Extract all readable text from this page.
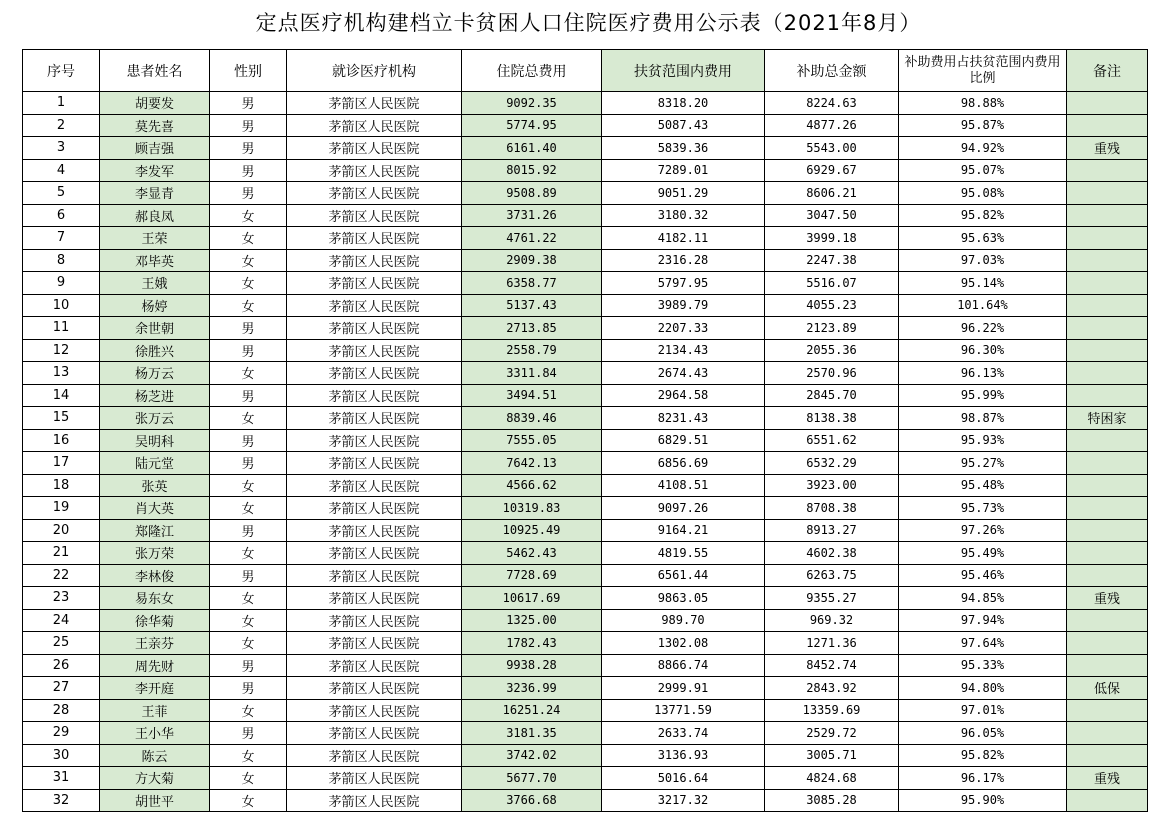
定点医疗机构建档立卡贫困人口住院医疗费用公示表（2021年8月）
序号	患者姓名	性别	就诊医疗机构	住院总费用	扶贫范围内费用	补助总金额	补助费用占扶贫范围内费用比例	备注
1	胡要发	男	茅箭区人民医院	9092.35	8318.20	8224.63	98.88%	
2	莫先喜	男	茅箭区人民医院	5774.95	5087.43	4877.26	95.87%	
3	顾吉强	男	茅箭区人民医院	6161.40	5839.36	5543.00	94.92%	重残
4	李发军	男	茅箭区人民医院	8015.92	7289.01	6929.67	95.07%	
5	李显青	男	茅箭区人民医院	9508.89	9051.29	8606.21	95.08%	
6	郝良凤	女	茅箭区人民医院	3731.26	3180.32	3047.50	95.82%	
7	王荣	女	茅箭区人民医院	4761.22	4182.11	3999.18	95.63%	
8	邓毕英	女	茅箭区人民医院	2909.38	2316.28	2247.38	97.03%	
9	王娥	女	茅箭区人民医院	6358.77	5797.95	5516.07	95.14%	
10	杨婷	女	茅箭区人民医院	5137.43	3989.79	4055.23	101.64%	
11	余世朝	男	茅箭区人民医院	2713.85	2207.33	2123.89	96.22%	
12	徐胜兴	男	茅箭区人民医院	2558.79	2134.43	2055.36	96.30%	
13	杨万云	女	茅箭区人民医院	3311.84	2674.43	2570.96	96.13%	
14	杨芝进	男	茅箭区人民医院	3494.51	2964.58	2845.70	95.99%	
15	张万云	女	茅箭区人民医院	8839.46	8231.43	8138.38	98.87%	特困家
16	吴明科	男	茅箭区人民医院	7555.05	6829.51	6551.62	95.93%	
17	陆元堂	男	茅箭区人民医院	7642.13	6856.69	6532.29	95.27%	
18	张英	女	茅箭区人民医院	4566.62	4108.51	3923.00	95.48%	
19	肖大英	女	茅箭区人民医院	10319.83	9097.26	8708.38	95.73%	
20	郑隆江	男	茅箭区人民医院	10925.49	9164.21	8913.27	97.26%	
21	张万荣	女	茅箭区人民医院	5462.43	4819.55	4602.38	95.49%	
22	李林俊	男	茅箭区人民医院	7728.69	6561.44	6263.75	95.46%	
23	易东女	女	茅箭区人民医院	10617.69	9863.05	9355.27	94.85%	重残
24	徐华菊	女	茅箭区人民医院	1325.00	989.70	969.32	97.94%	
25	王亲芬	女	茅箭区人民医院	1782.43	1302.08	1271.36	97.64%	
26	周先财	男	茅箭区人民医院	9938.28	8866.74	8452.74	95.33%	
27	李开庭	男	茅箭区人民医院	3236.99	2999.91	2843.92	94.80%	低保
28	王菲	女	茅箭区人民医院	16251.24	13771.59	13359.69	97.01%	
29	王小华	男	茅箭区人民医院	3181.35	2633.74	2529.72	96.05%	
30	陈云	女	茅箭区人民医院	3742.02	3136.93	3005.71	95.82%	
31	方大菊	女	茅箭区人民医院	5677.70	5016.64	4824.68	96.17%	重残
32	胡世平	女	茅箭区人民医院	3766.68	3217.32	3085.28	95.90%	
